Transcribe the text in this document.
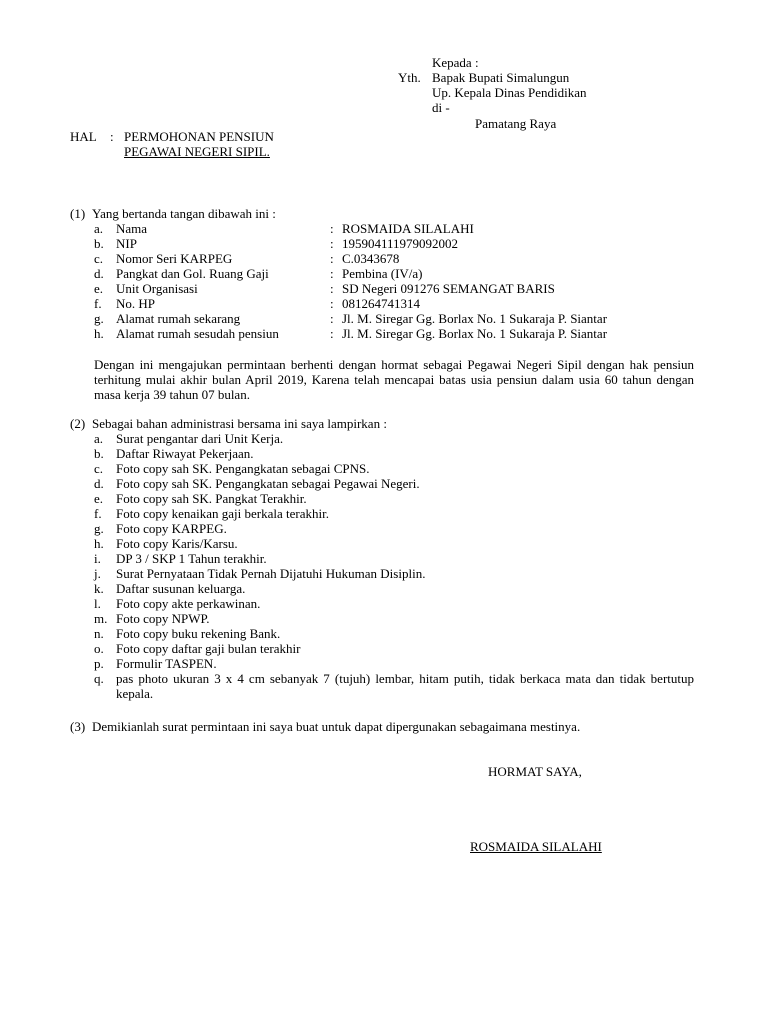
Kepada :
Yth. Bapak Bupati Simalungun
Up. Kepala Dinas Pendidikan
di -
Pamatang Raya
HAL : PERMOHONAN PENSIUN
PEGAWAI NEGERI SIPIL.
(1) Yang bertanda tangan dibawah ini :
a. Nama	: ROSMAIDA SILALAHI
b. NIP	: 195904111979092002
c. Nomor Seri KARPEG	: C.0343678
d. Pangkat dan Gol. Ruang Gaji	: Pembina (IV/a)
e. Unit Organisasi	: SD Negeri 091276 SEMANGAT BARIS
f.	No. HP	: 081264741314
g. Alamat rumah sekarang	: Jl. M. Siregar Gg. Borlax No. 1 Sukaraja P. Siantar
h. Alamat rumah sesudah pensiun	: Jl. M. Siregar Gg. Borlax No. 1 Sukaraja P. Siantar
Dengan ini mengajukan permintaan berhenti dengan hormat sebagai Pegawai Negeri Sipil dengan hak pensiun terhitung mulai akhir bulan April 2019, Karena telah mencapai batas usia pensiun dalam usia 60 tahun dengan masa kerja 39 tahun 07 bulan.
(2) Sebagai bahan administrasi bersama ini saya lampirkan :
a. Surat pengantar dari Unit Kerja.
b. Daftar Riwayat Pekerjaan.
c. Foto copy sah SK. Pengangkatan sebagai CPNS.
d. Foto copy sah SK. Pengangkatan sebagai Pegawai Negeri.
e. Foto copy sah SK. Pangkat Terakhir.
f.	Foto copy kenaikan gaji berkala terakhir.
g. Foto copy KARPEG.
h. Foto copy Karis/Karsu.
i.	DP 3 / SKP 1 Tahun terakhir.
j.	Surat Pernyataan Tidak Pernah Dijatuhi Hukuman Disiplin.
k. Daftar susunan keluarga.
l.	Foto copy akte perkawinan.
m. Foto copy NPWP.
n. Foto copy buku rekening Bank.
o. Foto copy daftar gaji bulan terakhir
p. Formulir TASPEN.
q. pas photo ukuran 3 x 4 cm sebanyak 7 (tujuh) lembar, hitam putih, tidak berkaca mata dan tidak bertutup kepala.
(3) Demikianlah surat permintaan ini saya buat untuk dapat dipergunakan sebagaimana mestinya.
HORMAT SAYA,
ROSMAIDA SILALAHI
